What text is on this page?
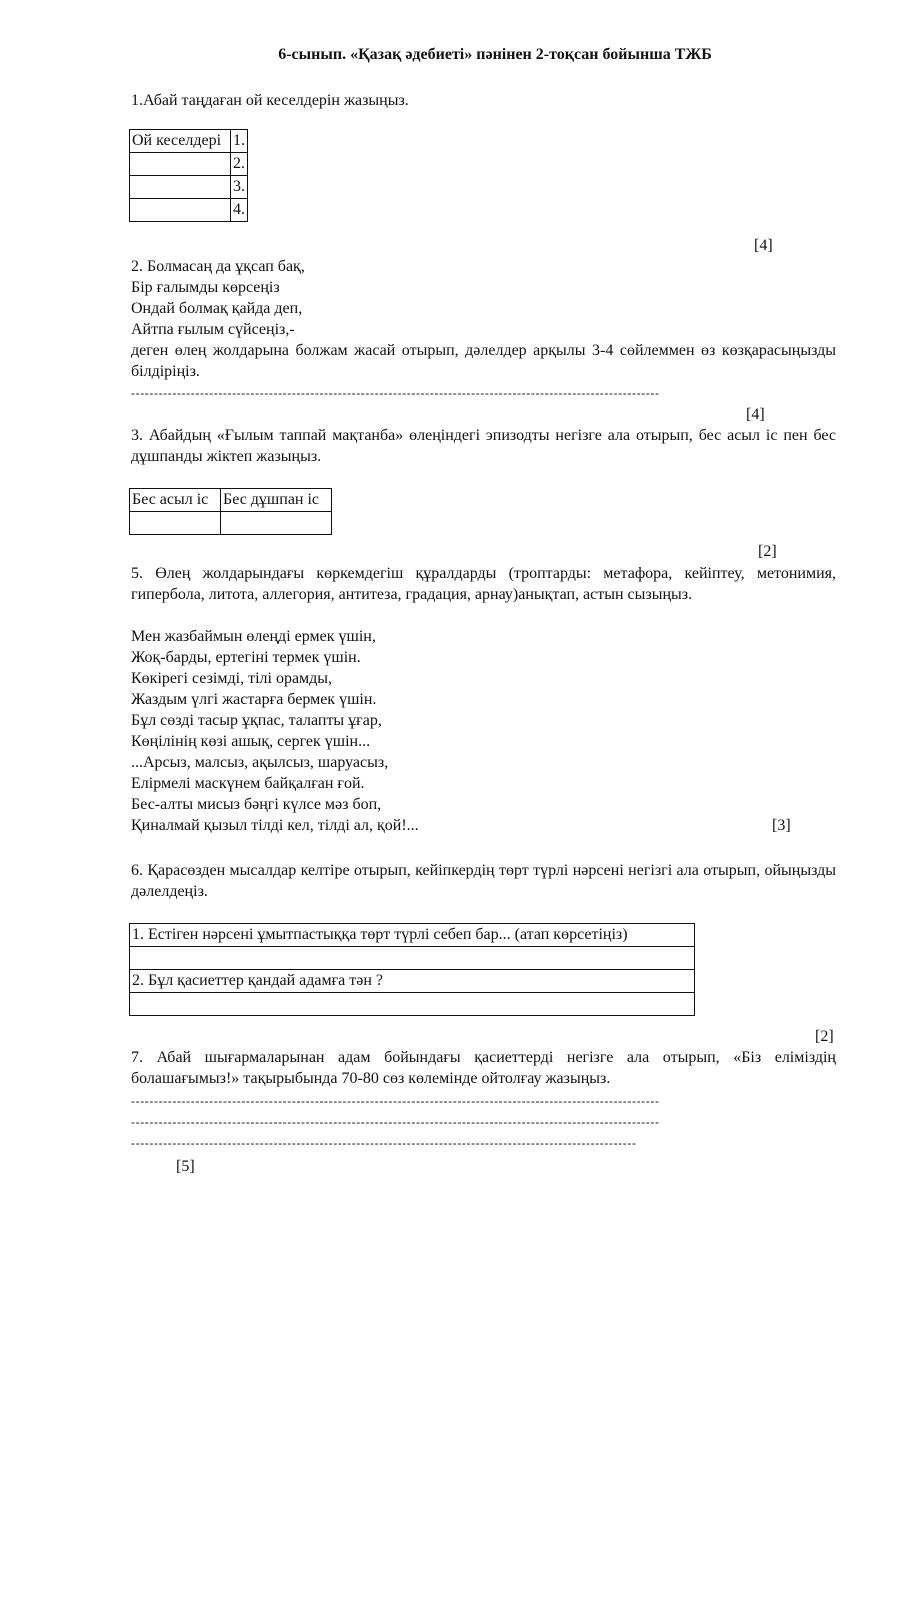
6-сынып. «Қазақ әдебиеті» пәнінен 2-тоқсан бойынша ТЖБ
1.Абай таңдаған ой кеселдерін жазыңыз.
Ой кеселдері	1.
	2.
	3.
	4.
[4]
2. Болмасаң да ұқсап бақ,
Бір ғалымды көрсеңіз
Ондай болмақ қайда деп,
Айтпа ғылым сүйсеңіз,-
деген өлең жолдарына болжам жасай отырып, дәлелдер арқылы 3-4 сөйлеммен өз көзқарасыңызды білдіріңіз.
-------------------------------------------------------------------------------------------------------------------
[4]
3. Абайдың «Ғылым таппай мақтанба» өлеңіндегі эпизодты негізге ала отырып, бес асыл іс пен бес дұшпанды жіктеп жазыңыз.
Бес асыл іс	Бес дұшпан іс

[2]
5. Өлең жолдарындағы көркемдегіш құралдарды (троптарды: метафора, кейіптеу, метонимия, гипербола, литота, аллегория, антитеза, градация, арнау)анықтап, астын сызыңыз.
Мен жазбаймын өлеңді ермек үшін,
Жоқ-барды, ертегіні термек үшін.
Көкірегі сезімді, тілі орамды,
Жаздым үлгі жастарға бермек үшін.
Бұл сөзді тасыр ұқпас, талапты ұғар,
Көңілінің көзі ашық, сергек үшін...
...Арсыз, малсыз, ақылсыз, шаруасыз,
Елірмелі маскүнем байқалған ғой.
Бес-алты мисыз бәңгі күлсе мәз боп,
Қиналмай қызыл тілді кел, тілді ал, қой!...	[3]
6. Қарасөзден мысалдар келтіре отырып, кейіпкердің төрт түрлі нәрсені негізгі ала отырып, ойыңызды дәлелдеңіз.
1. Естіген нәрсені ұмытпастыққа төрт түрлі себеп бар... (атап көрсетіңіз)

2. Бұл қасиеттер қандай адамға тән ?

[2]
7. Абай шығармаларынан адам бойындағы қасиеттерді негізге ала отырып, «Біз еліміздің болашағымыз!» тақырыбында 70-80 сөз көлемінде ойтолғау жазыңыз.
-------------------------------------------------------------------------------------------------------------------
-------------------------------------------------------------------------------------------------------------------
--------------------------------------------------------------------------------------------------------------
[5]
